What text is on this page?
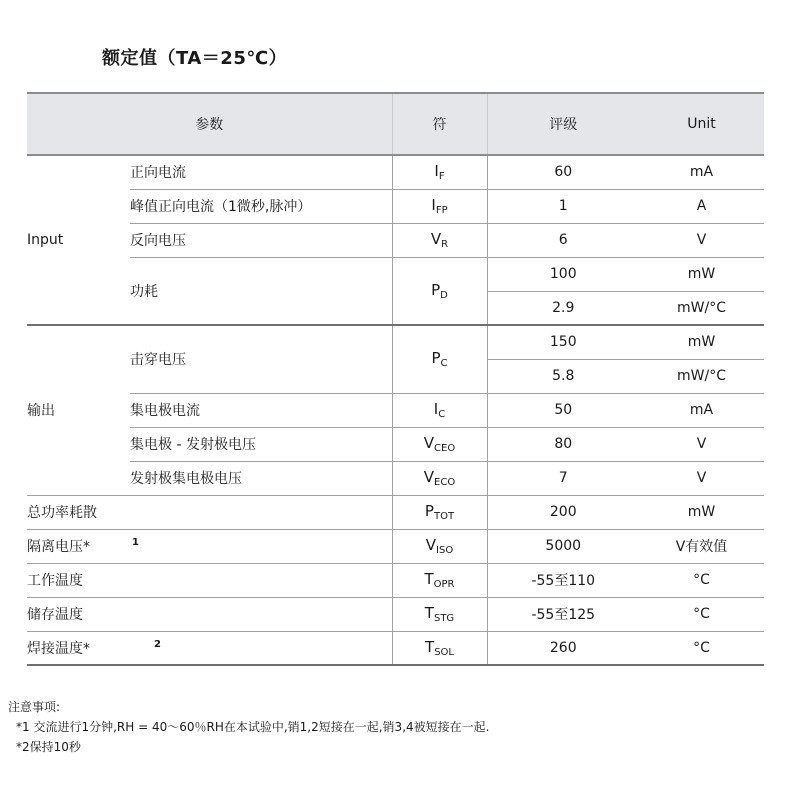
额定值（TA＝25℃）
参数		符	评级	Unit
Input	正向电流	$I_F$	60	mA
	峰值正向电流（1微秒,脉冲）	$I_{FP}$	1	A
	反向电压	$V_R$	6	V
	功耗	$P_D$	100	mW
			2.9	mW/°C
输出	击穿电压	$P_C$	150	mW
			5.8	mW/°C
	集电极电流	$I_C$	50	mA
	集电极 - 发射极电压	$V_{CEO}$	80	V
	发射极集电极电压	$V_{ECO}$	7	V
总功率耗散		$P_{TOT}$	200	mW
隔离电压* $^1$		$V_{ISO}$	5000	V有效值
工作温度		$T_{OPR}$	-55至110	°C
储存温度		$T_{STG}$	-55至125	°C
焊接温度* $^2$		$T_{SOL}$	260	°C
注意事项:
*1 交流进行1分钟,RH = 40～60％RH在本试验中,销1,2短接在一起,销3,4被短接在一起.
*2保持10秒
